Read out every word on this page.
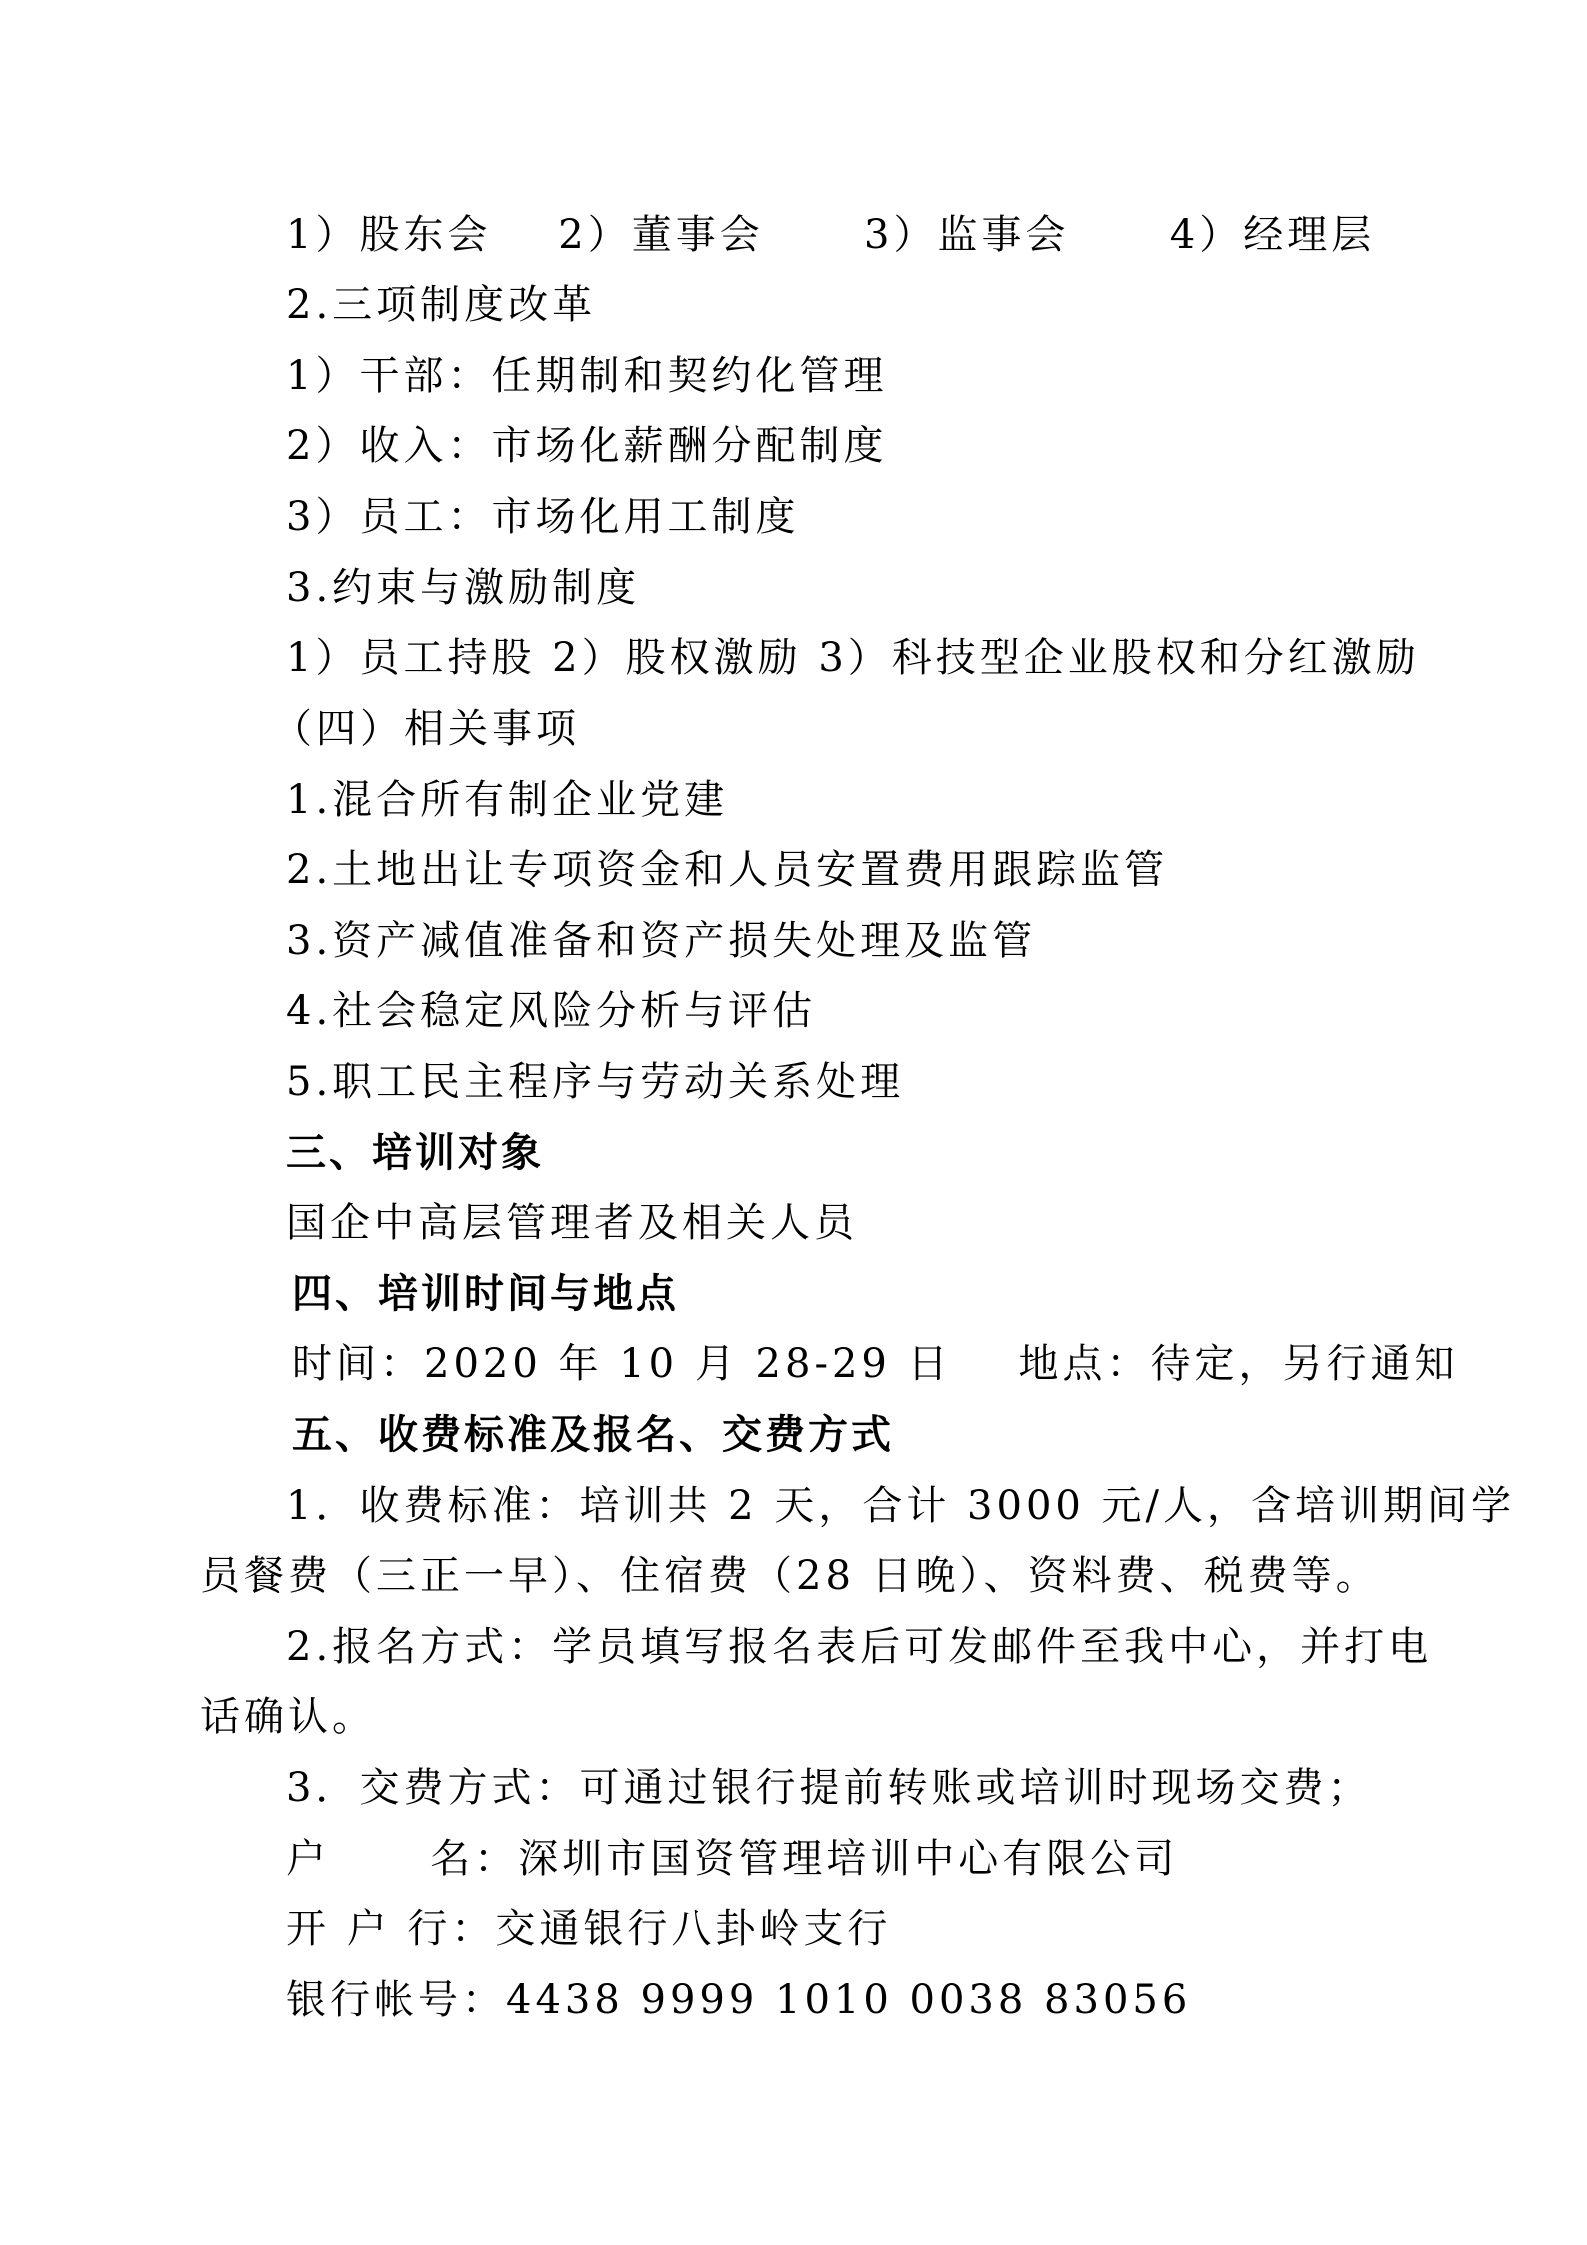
1）股东会    2）董事会      3）监事会      4）经理层

2.三项制度改革

1）干部：任期制和契约化管理

2）收入：市场化薪酬分配制度

3）员工：市场化用工制度

3.约束与激励制度

1）员工持股 2）股权激励 3）科技型企业股权和分红激励

（四）相关事项

1.混合所有制企业党建

2.土地出让专项资金和人员安置费用跟踪监管

3.资产减值准备和资产损失处理及监管

4.社会稳定风险分析与评估

5.职工民主程序与劳动关系处理

三、培训对象

国企中高层管理者及相关人员

四、培训时间与地点

时间：2020 年 10 月 28-29 日    地点：待定，另行通知

五、收费标准及报名、交费方式

1．收费标准：培训共 2 天，合计 3000 元/人，含培训期间学

员餐费（三正一早）、住宿费（28 日晚）、资料费、税费等。

2.报名方式：学员填写报名表后可发邮件至我中心，并打电

话确认。

3．交费方式：可通过银行提前转账或培训时现场交费；

户      名：深圳市国资管理培训中心有限公司

开 户 行：交通银行八卦岭支行

银行帐号：4438 9999 1010 0038 83056
